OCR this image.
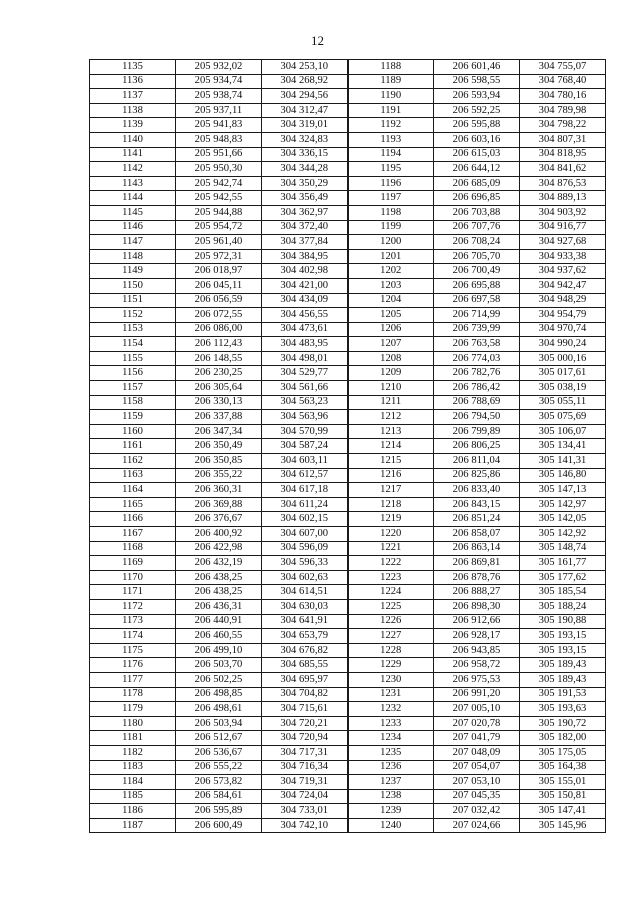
12
1135	205 932,02	304 253,10	1188	206 601,46	304 755,07
1136	205 934,74	304 268,92	1189	206 598,55	304 768,40
1137	205 938,74	304 294,56	1190	206 593,94	304 780,16
1138	205 937,11	304 312,47	1191	206 592,25	304 789,98
1139	205 941,83	304 319,01	1192	206 595,88	304 798,22
1140	205 948,83	304 324,83	1193	206 603,16	304 807,31
1141	205 951,66	304 336,15	1194	206 615,03	304 818,95
1142	205 950,30	304 344,28	1195	206 644,12	304 841,62
1143	205 942,74	304 350,29	1196	206 685,09	304 876,53
1144	205 942,55	304 356,49	1197	206 696,85	304 889,13
1145	205 944,88	304 362,97	1198	206 703,88	304 903,92
1146	205 954,72	304 372,40	1199	206 707,76	304 916,77
1147	205 961,40	304 377,84	1200	206 708,24	304 927,68
1148	205 972,31	304 384,95	1201	206 705,70	304 933,38
1149	206 018,97	304 402,98	1202	206 700,49	304 937,62
1150	206 045,11	304 421,00	1203	206 695,88	304 942,47
1151	206 056,59	304 434,09	1204	206 697,58	304 948,29
1152	206 072,55	304 456,55	1205	206 714,99	304 954,79
1153	206 086,00	304 473,61	1206	206 739,99	304 970,74
1154	206 112,43	304 483,95	1207	206 763,58	304 990,24
1155	206 148,55	304 498,01	1208	206 774,03	305 000,16
1156	206 230,25	304 529,77	1209	206 782,76	305 017,61
1157	206 305,64	304 561,66	1210	206 786,42	305 038,19
1158	206 330,13	304 563,23	1211	206 788,69	305 055,11
1159	206 337,88	304 563,96	1212	206 794,50	305 075,69
1160	206 347,34	304 570,99	1213	206 799,89	305 106,07
1161	206 350,49	304 587,24	1214	206 806,25	305 134,41
1162	206 350,85	304 603,11	1215	206 811,04	305 141,31
1163	206 355,22	304 612,57	1216	206 825,86	305 146,80
1164	206 360,31	304 617,18	1217	206 833,40	305 147,13
1165	206 369,88	304 611,24	1218	206 843,15	305 142,97
1166	206 376,67	304 602,15	1219	206 851,24	305 142,05
1167	206 400,92	304 607,00	1220	206 858,07	305 142,92
1168	206 422,98	304 596,09	1221	206 863,14	305 148,74
1169	206 432,19	304 596,33	1222	206 869,81	305 161,77
1170	206 438,25	304 602,63	1223	206 878,76	305 177,62
1171	206 438,25	304 614,51	1224	206 888,27	305 185,54
1172	206 436,31	304 630,03	1225	206 898,30	305 188,24
1173	206 440,91	304 641,91	1226	206 912,66	305 190,88
1174	206 460,55	304 653,79	1227	206 928,17	305 193,15
1175	206 499,10	304 676,82	1228	206 943,85	305 193,15
1176	206 503,70	304 685,55	1229	206 958,72	305 189,43
1177	206 502,25	304 695,97	1230	206 975,53	305 189,43
1178	206 498,85	304 704,82	1231	206 991,20	305 191,53
1179	206 498,61	304 715,61	1232	207 005,10	305 193,63
1180	206 503,94	304 720,21	1233	207 020,78	305 190,72
1181	206 512,67	304 720,94	1234	207 041,79	305 182,00
1182	206 536,67	304 717,31	1235	207 048,09	305 175,05
1183	206 555,22	304 716,34	1236	207 054,07	305 164,38
1184	206 573,82	304 719,31	1237	207 053,10	305 155,01
1185	206 584,61	304 724,04	1238	207 045,35	305 150,81
1186	206 595,89	304 733,01	1239	207 032,42	305 147,41
1187	206 600,49	304 742,10	1240	207 024,66	305 145,96
